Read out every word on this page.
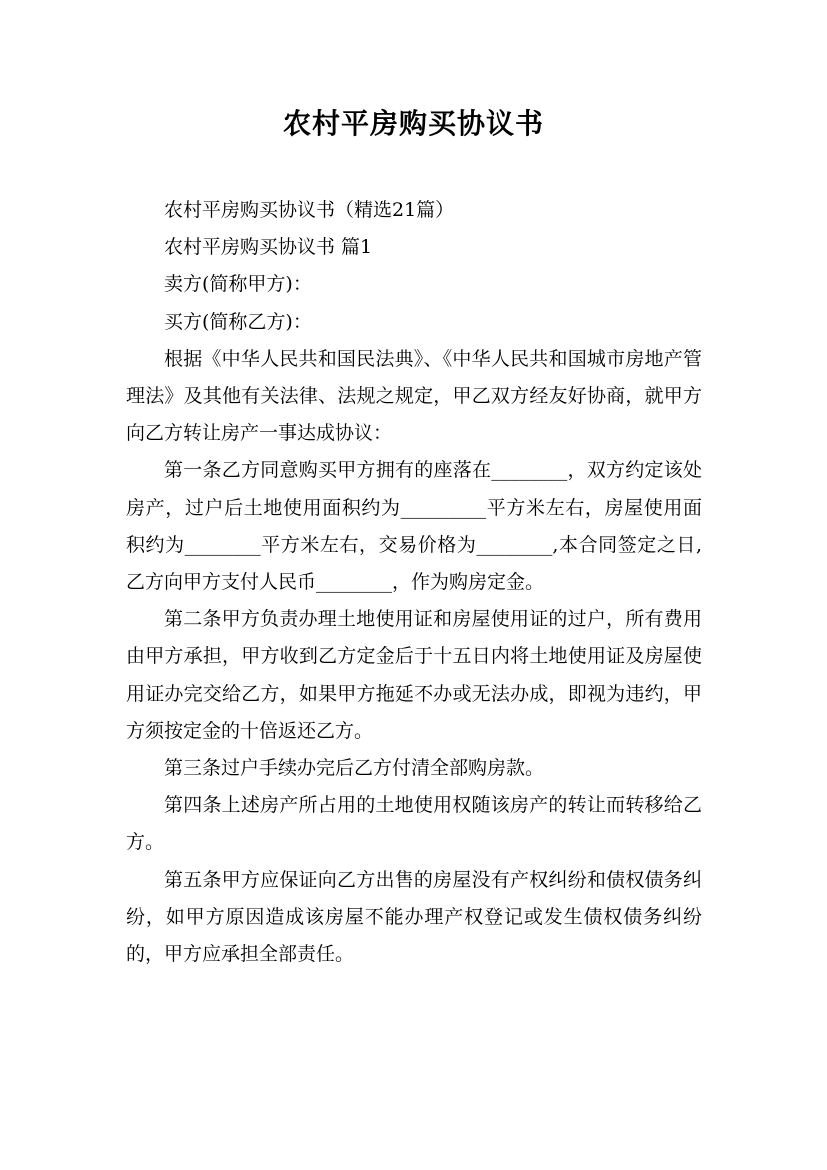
农村平房购买协议书

农村平房购买协议书（精选21篇）

农村平房购买协议书 篇1

卖方(简称甲方)：

买方(简称乙方)：

根据《中华人民共和国民法典》、《中华人民共和国城市房地产管理法》及其他有关法律、法规之规定，甲乙双方经友好协商，就甲方向乙方转让房产一事达成协议：

第一条乙方同意购买甲方拥有的座落在________，双方约定该处房产，过户后土地使用面积约为_________平方米左右，房屋使用面积约为________平方米左右，交易价格为________,本合同签定之日,乙方向甲方支付人民币________，作为购房定金。

第二条甲方负责办理土地使用证和房屋使用证的过户，所有费用由甲方承担，甲方收到乙方定金后于十五日内将土地使用证及房屋使用证办完交给乙方，如果甲方拖延不办或无法办成，即视为违约，甲方须按定金的十倍返还乙方。

第三条过户手续办完后乙方付清全部购房款。

第四条上述房产所占用的土地使用权随该房产的转让而转移给乙方。

第五条甲方应保证向乙方出售的房屋没有产权纠纷和债权债务纠纷，如甲方原因造成该房屋不能办理产权登记或发生债权债务纠纷的，甲方应承担全部责任。
